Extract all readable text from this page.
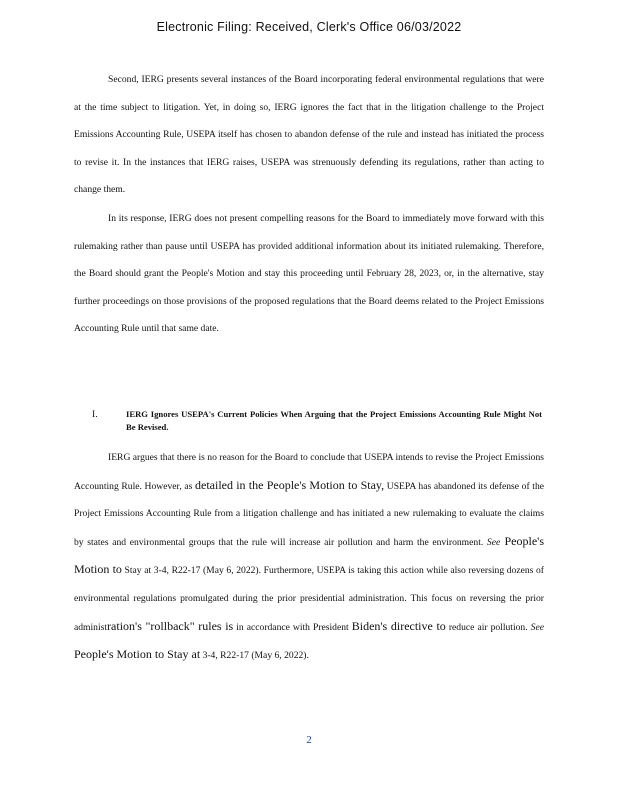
Electronic Filing: Received, Clerk's Office 06/03/2022

Second, IERG presents several instances of the Board incorporating federal environmental regulations that were at the time subject to litigation. Yet, in doing so, IERG ignores the fact that in the litigation challenge to the Project Emissions Accounting Rule, USEPA itself has chosen to abandon defense of the rule and instead has initiated the process to revise it. In the instances that IERG raises, USEPA was strenuously defending its regulations, rather than acting to change them.

In its response, IERG does not present compelling reasons for the Board to immediately move forward with this rulemaking rather than pause until USEPA has provided additional information about its initiated rulemaking. Therefore, the Board should grant the People's Motion and stay this proceeding until February 28, 2023, or, in the alternative, stay further proceedings on those provisions of the proposed regulations that the Board deems related to the Project Emissions Accounting Rule until that same date.

I.	IERG Ignores USEPA's Current Policies When Arguing that the Project Emissions Accounting Rule Might Not Be Revised.

IERG argues that there is no reason for the Board to conclude that USEPA intends to revise the Project Emissions Accounting Rule. However, as detailed in the People's Motion to Stay, USEPA has abandoned its defense of the Project Emissions Accounting Rule from a litigation challenge and has initiated a new rulemaking to evaluate the claims by states and environmental groups that the rule will increase air pollution and harm the environment. See People's Motion to Stay at 3-4, R22-17 (May 6, 2022). Furthermore, USEPA is taking this action while also reversing dozens of environmental regulations promulgated during the prior presidential administration. This focus on reversing the prior administration's "rollback" rules is in accordance with President Biden's directive to reduce air pollution. See People's Motion to Stay at 3-4, R22-17 (May 6, 2022).

2
